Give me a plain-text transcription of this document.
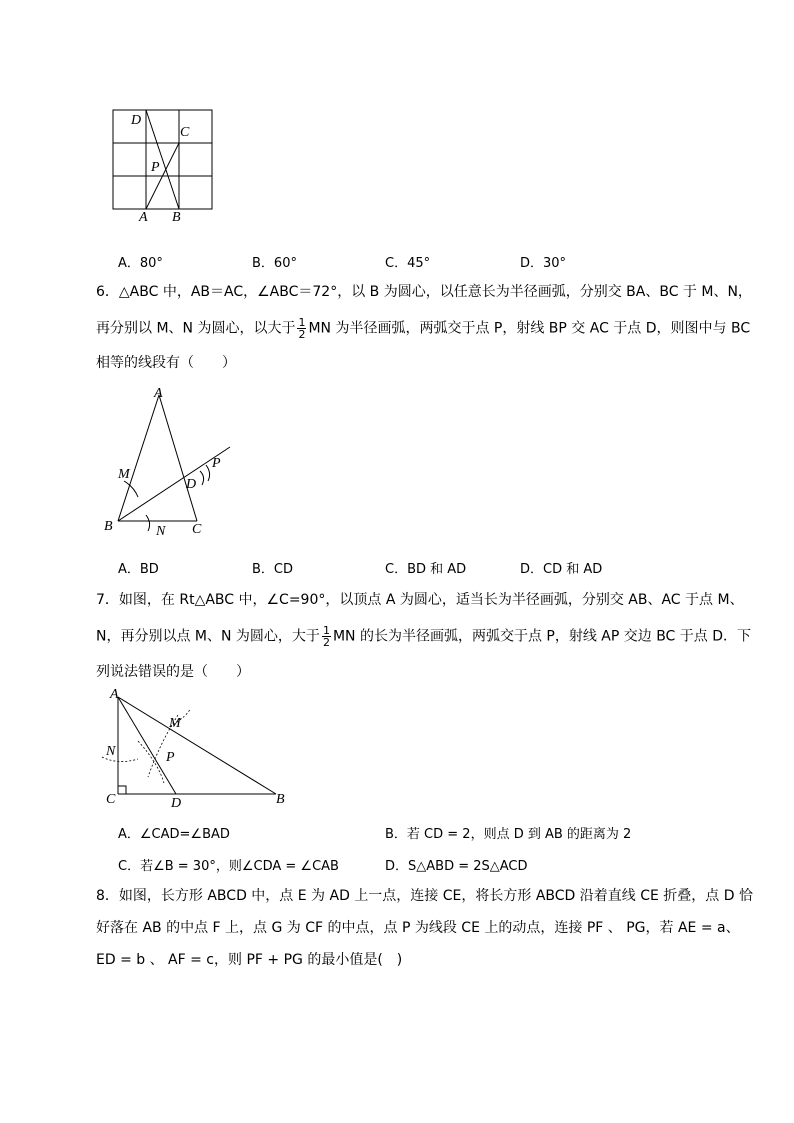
D
C
P
A B
A．80°	B．60°	C．45°	D．30°
6．△ABC 中，AB＝AC，∠ABC＝72°，以 B 为圆心，以任意长为半径画弧，分别交 BA、BC 于 M、N，
再分别以 M、N 为圆心，以大于 $\frac{1}{2}$ MN 为半径画弧，两弧交于点 P，射线 BP 交 AC 于点 D，则图中与 BC
相等的线段有（　　）
A
M
P
D
B	N C
A．BD	B．CD	C．BD 和 AD	D．CD 和 AD
7．如图，在 Rt△ABC 中，∠C=90°，以顶点 A 为圆心，适当长为半径画弧，分别交 AB、AC 于点 M、
N，再分别以点 M、N 为圆心，大于 $\frac{1}{2}$ MN 的长为半径画弧，两弧交于点 P，射线 AP 交边 BC 于点 D．下
列说法错误的是（　　）
A
M
N	P
C	D	B
A．∠CAD=∠BAD	B．若 CD = 2，则点 D 到 AB 的距离为 2
C．若∠B = 30°，则∠CDA = ∠CAB	D．S△ABD = 2S△ACD
8．如图，长方形 ABCD 中，点 E 为 AD 上一点，连接 CE，将长方形 ABCD 沿着直线 CE 折叠，点 D 恰
好落在 AB 的中点 F 上，点 G 为 CF 的中点，点 P 为线段 CE 上的动点，连接 PF 、 PG，若 AE = a、
ED = b 、 AF = c，则 PF + PG 的最小值是(　)
